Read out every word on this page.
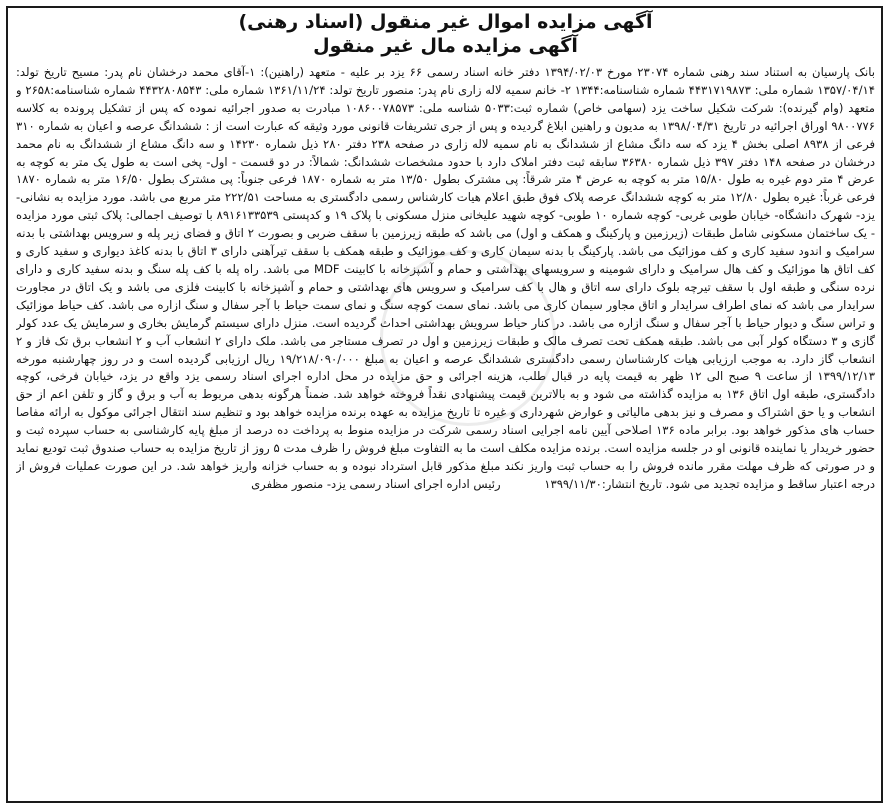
آگهی مزایده اموال غیر منقول (اسناد رهنی)
آگهی مزایده مال غیر منقول
بانک پارسیان به استناد سند رهنی شماره ۲۳۰۷۴ مورخ ۱۳۹۴/۰۲/۰۳ دفتر خانه اسناد رسمی ۶۶ یزد بر علیه - متعهد (راهنین): ۱-آقای محمد درخشان نام پدر: مسیح تاریخ تولد: ۱۳۵۷/۰۴/۱۴ شماره ملی: ۴۴۳۱۷۱۹۸۷۳ شماره شناسنامه:۱۳۴۴ ۲- خانم سمیه لاله زاری نام پدر: منصور تاریخ تولد: ۱۳۶۱/۱۱/۲۴ شماره ملی: ۴۴۳۲۸۰۸۵۴۳ شماره شناسنامه:۲۶۵۸ و متعهد (وام گیرنده): شرکت شکیل ساخت یزد (سهامی خاص) شماره ثبت:۵۰۳۳ شناسه ملی: ۱۰۸۶۰۰۷۸۵۷۳ مبادرت به صدور اجرائیه نموده که پس از تشکیل پرونده به کلاسه ۹۸۰۰۷۷۶ اوراق اجرائیه در تاریخ ۱۳۹۸/۰۴/۳۱ به مدیون و راهنین ابلاغ گردیده و پس از جری تشریفات قانونی مورد وثیقه که عبارت است از : ششدانگ عرصه و اعیان به شماره ۳۱۰ فرعی از ۸۹۳۸ اصلی بخش ۴ یزد که سه دانگ مشاع از ششدانگ به نام سمیه لاله زاری در صفحه ۲۳۸ دفتر ۲۸۰ ذیل شماره ۱۴۲۳۰ و سه دانگ مشاع از ششدانگ به نام محمد درخشان در صفحه ۱۴۸ دفتر ۳۹۷ ذیل شماره ۳۶۳۸۰ سابقه ثبت دفتر املاک دارد با حدود مشخصات ششدانگ: شمالاً: در دو قسمت - اول- پخی است به طول یک متر به کوچه به عرض ۴ متر دوم غیره به طول ۱۵/۸۰ متر به کوچه به عرض ۴ متر شرقاً: پی مشترک بطول ۱۳/۵۰ متر به شماره ۱۸۷۰ فرعی جنوباً: پی مشترک بطول ۱۶/۵۰ متر به شماره ۱۸۷۰ فرعی غرباً: غیره بطول ۱۲/۸۰ متر به کوچه ششدانگ عرصه پلاک فوق طبق اعلام هیات کارشناس رسمی دادگستری به مساحت ۲۲۲/۵۱ متر مربع می باشد. مورد مزایده به نشانی- یزد- شهرک دانشگاه- خیابان طوبی غربی- کوچه شماره ۱۰ طوبی- کوچه شهید علیخانی منزل مسکونی با پلاک ۱۹ و کدپستی ۸۹۱۶۱۳۳۵۳۹ با توصیف اجمالی: پلاک ثبتی مورد مزایده - یک ساختمان مسکونی شامل طبقات (زیرزمین و پارکینگ و همکف و اول) می باشد که طبقه زیرزمین با سقف ضربی و بصورت ۲ اتاق و فضای زیر پله و سرویس بهداشتی با بدنه سرامیک و اندود سفید کاری و کف موزائیک می باشد. پارکینگ با بدنه سیمان کاری و کف موزائیک و طبقه همکف با سقف تیرآهنی دارای ۳ اتاق با بدنه کاغذ دیواری و سفید کاری و کف اتاق ها موزائیک و کف هال سرامیک و دارای شومینه و سرویسهای بهداشتی و حمام و آشپزخانه با کابینت MDF می باشد. راه پله با کف پله سنگ و بدنه سفید کاری و دارای نرده سنگی و طبقه اول با سقف تیرچه بلوک دارای سه اتاق و هال با کف سرامیک و سرویس های بهداشتی و حمام و آشپزخانه با کابینت فلزی می باشد و یک اتاق در مجاورت سرایدار می باشد که نمای اطراف سرایدار و اتاق مجاور سیمان کاری می باشد. نمای سمت کوچه سنگ و نمای سمت حیاط با آجر سفال و سنگ ازاره می باشد. کف حیاط موزائیک و تراس سنگ و دیوار حیاط با آجر سفال و سنگ ازاره می باشد. در کنار حیاط سرویش بهداشتی احداث گردیده است. منزل دارای سیستم گرمایش بخاری و سرمایش یک عدد کولر گازی و ۳ دستگاه کولر آبی می باشد. طبقه همکف تحت تصرف مالک و طبقات زیرزمین و اول در تصرف مستاجر می باشد. ملک دارای ۲ انشعاب آب و ۲ انشعاب برق تک فاز و ۲ انشعاب گاز دارد. به موجب ارزیابی هیات کارشناسان رسمی دادگستری ششدانگ عرصه و اعیان به مبلغ ۱۹/۲۱۸/۰۹۰/۰۰۰ ریال ارزیابی گردیده است و در روز چهارشنبه مورخه ۱۳۹۹/۱۲/۱۳ از ساعت ۹ صبح الی ۱۲ ظهر به قیمت پایه در قبال طلب، هزینه اجرائی و حق مزایده در محل اداره اجرای اسناد رسمی یزد واقع در یزد، خیابان فرخی، کوچه دادگستری، طبقه اول اتاق ۱۳۶ به مزایده گذاشته می شود و به بالاترین قیمت پیشنهادی نقداً فروخته خواهد شد. ضمناً هرگونه بدهی مربوط به آب و برق و گاز و تلفن اعم از حق انشعاب و یا حق اشتراک و مصرف و نیز بدهی مالیاتی و عوارض شهرداری و غیره تا تاریخ مزایده به عهده برنده مزایده خواهد بود و تنظیم سند انتقال اجرائی موکول به ارائه مفاصا حساب های مذکور خواهد بود. برابر ماده ۱۳۶ اصلاحی آیین نامه اجرایی اسناد رسمی شرکت در مزایده منوط به پرداخت ده درصد از مبلغ پایه کارشناسی به حساب سپرده ثبت و حضور خریدار یا نماینده قانونی او در جلسه مزایده است. برنده مزایده مکلف است ما به التفاوت مبلغ فروش را ظرف مدت ۵ روز از تاریخ مزایده به حساب صندوق ثبت تودیع نماید و در صورتی که ظرف مهلت مقرر مانده فروش را به حساب ثبت واریز نکند مبلغ مذکور قابل استرداد نبوده و به حساب خزانه واریز خواهد شد. در این صورت عملیات فروش از درجه اعتبار ساقط و مزایده تجدید می شود. تاریخ انتشار:۱۳۹۹/۱۱/۳۰ رئیس اداره اجرای اسناد رسمی یزد- منصور مظفری
